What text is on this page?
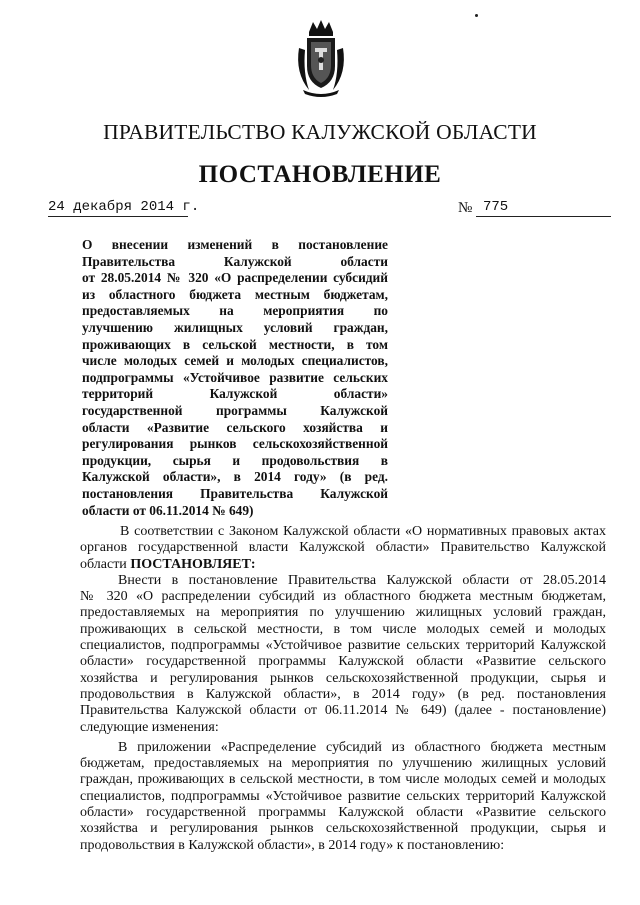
ПРАВИТЕЛЬСТВО КАЛУЖСКОЙ ОБЛАСТИ
ПОСТАНОВЛЕНИЕ
24 декабря 2014 г.	№ 775
О внесении изменений в постановление
Правительства Калужской области
от 28.05.2014 № 320 «О распределении субсидий
из областного бюджета местным бюджетам,
предоставляемых на мероприятия по
улучшению жилищных условий граждан,
проживающих в сельской местности, в том
числе молодых семей и молодых специалистов,
подпрограммы «Устойчивое развитие сельских
территорий Калужской области»
государственной программы Калужской
области «Развитие сельского хозяйства и
регулирования рынков сельскохозяйственной
продукции, сырья и продовольствия в
Калужской области», в 2014 году» (в ред.
постановления Правительства Калужской
области от 06.11.2014 № 649)
В соответствии с Законом Калужской области «О нормативных правовых актах
органов государственной власти Калужской области» Правительство Калужской
области ПОСТАНОВЛЯЕТ:
Внести в постановление Правительства Калужской области от 28.05.2014
№ 320 «О распределении субсидий из областного бюджета местным бюджетам,
предоставляемых на мероприятия по улучшению жилищных условий граждан,
проживающих в сельской местности, в том числе молодых семей и молодых
специалистов, подпрограммы «Устойчивое развитие сельских территорий Калужской
области» государственной программы Калужской области «Развитие сельского
хозяйства и регулирования рынков сельскохозяйственной продукции, сырья и
продовольствия в Калужской области», в 2014 году» (в ред. постановления
Правительства Калужской области от 06.11.2014 № 649) (далее - постановление)
следующие изменения:
В приложении «Распределение субсидий из областного бюджета местным
бюджетам, предоставляемых на мероприятия по улучшению жилищных условий
граждан, проживающих в сельской местности, в том числе молодых семей и молодых
специалистов, подпрограммы «Устойчивое развитие сельских территорий Калужской
области» государственной программы Калужской области «Развитие сельского
хозяйства и регулирования рынков сельскохозяйственной продукции, сырья и
продовольствия в Калужской области», в 2014 году» к постановлению:
